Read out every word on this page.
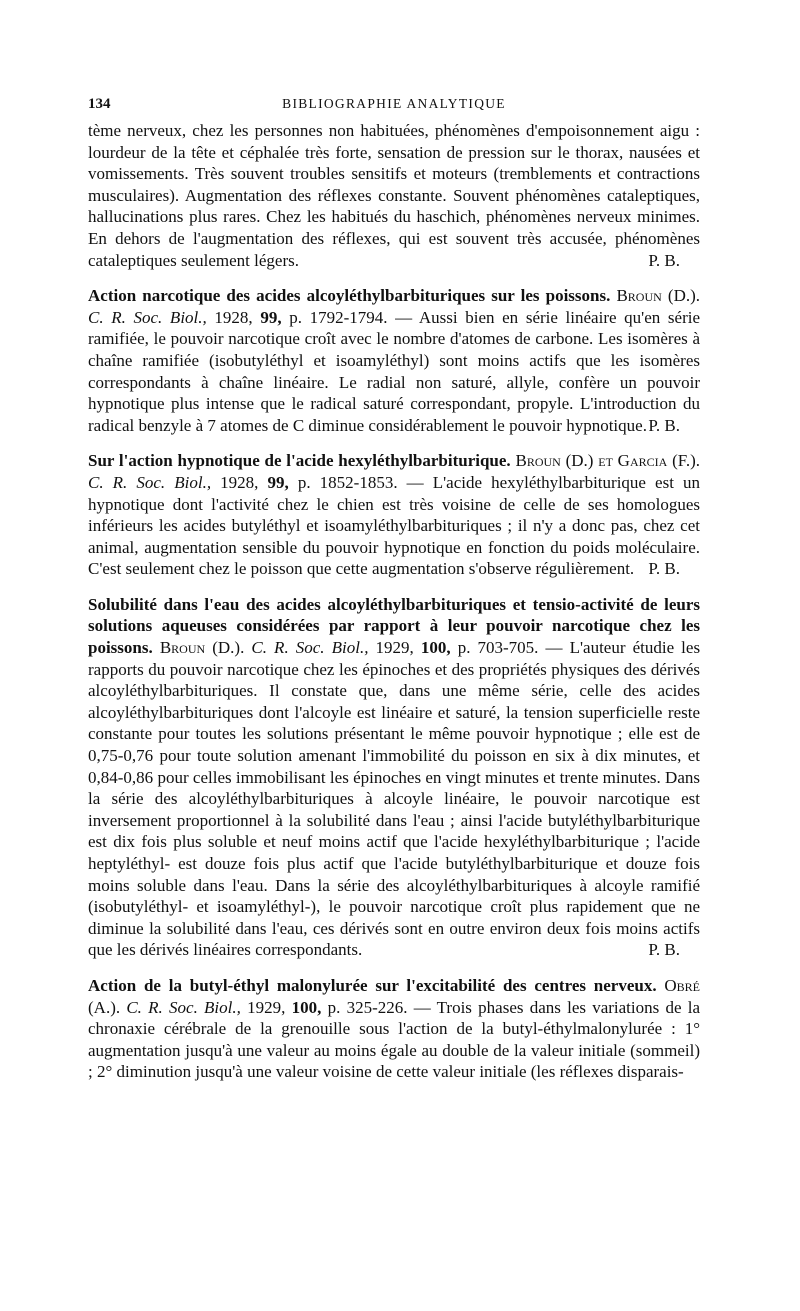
134	BIBLIOGRAPHIE ANALYTIQUE

tème nerveux, chez les personnes non habituées, phénomènes d'empoisonnement aigu : lourdeur de la tête et céphalée très forte, sensation de pression sur le thorax, nausées et vomissements. Très souvent troubles sensitifs et moteurs (tremblements et contractions musculaires). Augmentation des réflexes constante. Souvent phénomènes cataleptiques, hallucinations plus rares. Chez les habitués du haschich, phénomènes nerveux minimes. En dehors de l'augmentation des réflexes, qui est souvent très accusée, phénomènes cataleptiques seulement légers.	P. B.

Action narcotique des acides alcoyléthylbarbituriques sur les poissons. Broun (D.). C. R. Soc. Biol., 1928, 99, p. 1792-1794. — Aussi bien en série linéaire qu'en série ramifiée, le pouvoir narcotique croît avec le nombre d'atomes de carbone. Les isomères à chaîne ramifiée (isobutyléthyl et isoamyléthyl) sont moins actifs que les isomères correspondants à chaîne linéaire. Le radial non saturé, allyle, confère un pouvoir hypnotique plus intense que le radical saturé correspondant, propyle. L'introduction du radical benzyle à 7 atomes de C diminue considérablement le pouvoir hypnotique. P. B.

Sur l'action hypnotique de l'acide hexyléthylbarbiturique. Broun (D.) et Garcia (F.). C. R. Soc. Biol., 1928, 99, p. 1852-1853. — L'acide hexyléthylbarbiturique est un hypnotique dont l'activité chez le chien est très voisine de celle de ses homologues inférieurs les acides butyléthyl et isoamyléthylbarbituriques ; il n'y a donc pas, chez cet animal, augmentation sensible du pouvoir hypnotique en fonction du poids moléculaire. C'est seulement chez le poisson que cette augmentation s'observe régulièrement. P. B.

Solubilité dans l'eau des acides alcoyléthylbarbituriques et tensio-activité de leurs solutions aqueuses considérées par rapport à leur pouvoir narcotique chez les poissons. Broun (D.). C. R. Soc. Biol., 1929, 100, p. 703-705. — L'auteur étudie les rapports du pouvoir narcotique chez les épinoches et des propriétés physiques des dérivés alcoyléthylbarbituriques. Il constate que, dans une même série, celle des acides alcoyléthylbarbituriques dont l'alcoyle est linéaire et saturé, la tension superficielle reste constante pour toutes les solutions présentant le même pouvoir hypnotique ; elle est de 0,75-0,76 pour toute solution amenant l'immobilité du poisson en six à dix minutes, et 0,84-0,86 pour celles immobilisant les épinoches en vingt minutes et trente minutes. Dans la série des alcoyléthylbarbituriques à alcoyle linéaire, le pouvoir narcotique est inversement proportionnel à la solubilité dans l'eau ; ainsi l'acide butyléthylbarbiturique est dix fois plus soluble et neuf moins actif que l'acide hexyléthylbarbiturique ; l'acide heptyléthyl- est douze fois plus actif que l'acide butyléthylbarbiturique et douze fois moins soluble dans l'eau. Dans la série des alcoyléthylbarbituriques à alcoyle ramifié (isobutyléthyl- et isoamyléthyl-), le pouvoir narcotique croît plus rapidement que ne diminue la solubilité dans l'eau, ces dérivés sont en outre environ deux fois moins actifs que les dérivés linéaires correspondants.	P. B.

Action de la butyl-éthyl malonylurée sur l'excitabilité des centres nerveux. Obré (A.). C. R. Soc. Biol., 1929, 100, p. 325-226. — Trois phases dans les variations de la chronaxie cérébrale de la grenouille sous l'action de la butyl-éthylmalonylurée : 1° augmentation jusqu'à une valeur au moins égale au double de la valeur initiale (sommeil) ; 2° diminution jusqu'à une valeur voisine de cette valeur initiale (les réflexes disparais-
